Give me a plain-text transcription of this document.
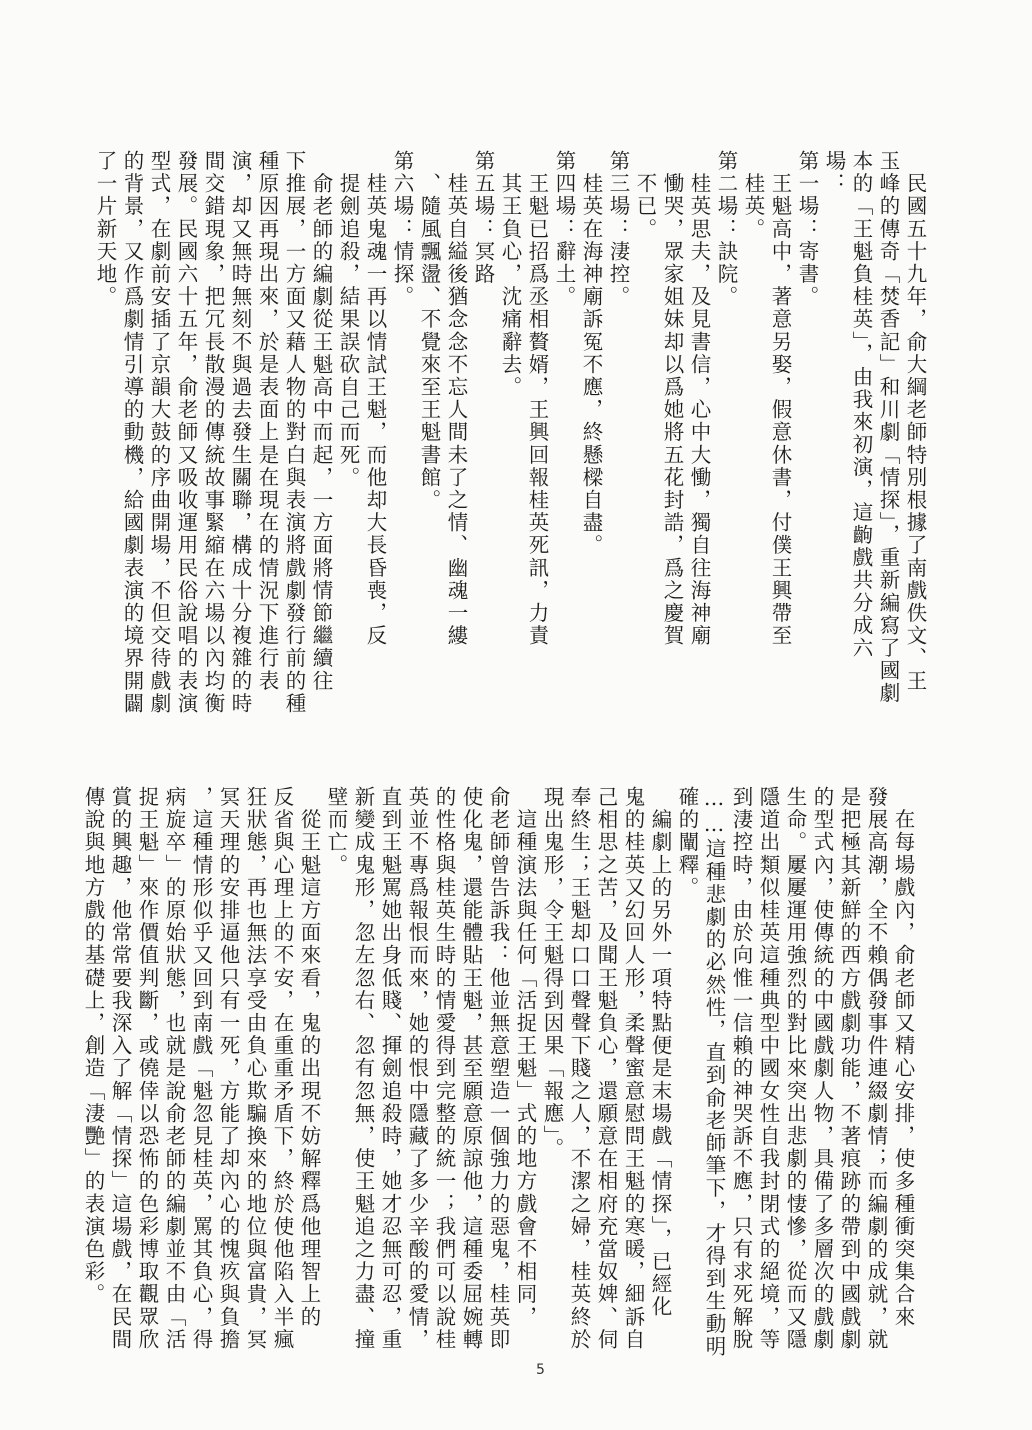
　民國五十九年，俞大綱老師特別根據了南戲佚文、王
玉峰的傳奇「焚香記」和川劇「情探」，重新編寫了國劇
本的「王魁負桂英」，由我來初演，這齣戲共分成六
場：
第一場：寄書。
　王魁高中，著意另娶，假意休書，付僕王興帶至
　桂英。
第二場：訣院。
　桂英思夫，及見書信，心中大慟，獨自往海神廟
　慟哭，眾家姐妹却以爲她將五花封誥，爲之慶賀
　不已。
第三場：淒控。
　桂英在海神廟訴冤不應，終懸樑自盡。
第四場：辭土。
　王魁已招爲丞相贅婿，王興回報桂英死訊，力責
　其王負心，沈痛辭去。
第五場：冥路
　桂英自縊後猶念念不忘人間未了之情、幽魂一縷
　、隨風飄盪、不覺來至王魁書館。
第六場：情探。
　桂英鬼魂一再以情試王魁，而他却大長昏喪，反
　提劍追殺，結果誤砍自己而死。
　俞老師的編劇從王魁高中而起，一方面將情節繼續往
下推展，一方面又藉人物的對白與表演將戲劇發行前的種
種原因再現出來，於是表面上是在現在的情況下進行表
演，却又無時無刻不與過去發生關聯，構成十分複雜的時
間交錯現象，把冗長散漫的傳統故事緊縮在六場以內均衡
發展。民國六十五年，俞老師又吸收運用民俗說唱的表演
型式，在劇前安插了京韻大鼓的序曲開場，不但交待戲劇
的背景，又作爲劇情引導的動機，給國劇表演的境界開闢
了一片新天地。
　在每場戲內，俞老師又精心安排，使多種衝突集合來
發展高潮，全不賴偶發事件連綴劇情；而編劇的成就，就
是把極其新鮮的西方戲劇功能，不著痕跡的帶到中國戲劇
的型式內，使傳統的中國戲劇人物，具備了多層次的戲劇
生命。屢屢運用強烈的對比來突出悲劇的悽慘，從而又隱
隱道出類似桂英這種典型中國女性自我封閉式的絕境，等
到淒控時，由於向惟一信賴的神哭訴不應，只有求死解脫
……這種悲劇的必然性，直到俞老師筆下，才得到生動明
確的闡釋。
　編劇上的另外一項特點便是末場戲「情探」，已經化
鬼的桂英又幻回人形，柔聲蜜意慰問王魁的寒暖，細訴自
己相思之苦，及聞王魁負心，還願意在相府充當奴婢、伺
奉終生；王魁却口口聲聲下賤之人，不潔之婦，桂英終於
現出鬼形，令王魁得到因果「報應」。
　這種演法與任何「活捉王魁」式的地方戲會不相同，
俞老師曾告訴我：他並無意塑造一個強力的惡鬼，桂英即
使化鬼，還能體貼王魁，甚至願意原諒他，這種委屈婉轉
的性格與桂英生時的情愛得到完整的統一；我們可以說桂
英並不專爲報恨而來，她的恨中隱藏了多少辛酸的愛情，
直到王魁罵她出身低賤、揮劍追殺時，她才忍無可忍，重
新變成鬼形，忽左忽右、忽有忽無，使王魁追之力盡、撞
壁而亡。
　從王魁這方面來看，鬼的出現不妨解釋爲他理智上的
反省與心理上的不安，在重重矛盾下，終於使他陷入半瘋
狂狀態，再也無法享受由負心欺騙換來的地位與富貴，冥
冥天理的安排逼他只有一死，方能了却內心的愧疚與負擔
，這種情形似乎又回到南戲「魁忽見桂英，罵其負心，得
病旋卒」的原始狀態，也就是說俞老師的編劇並不由「活
捉王魁」來作價值判斷，或僥倖以恐怖的色彩博取觀眾欣
賞的興趣，他常常要我深入了解「情探」這場戲，在民間
傳說與地方戲的基礎上，創造「淒艷」的表演色彩。
5
